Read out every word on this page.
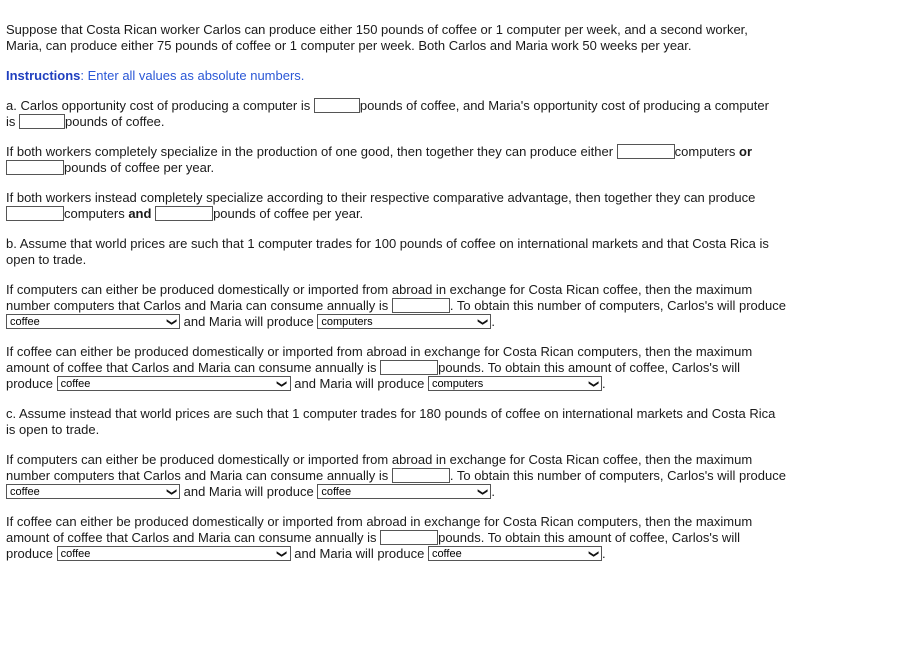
Suppose that Costa Rican worker Carlos can produce either 150 pounds of coffee or 1 computer per week, and a second worker,

Maria, can produce either 75 pounds of coffee or 1 computer per week. Both Carlos and Maria work 50 weeks per year.

Instructions: Enter all values as absolute numbers.

a. Carlos opportunity cost of producing a computer is	pounds of coffee, and Maria's opportunity cost of producing a computer

is	pounds of coffee.

If both workers completely specialize in the production of one good, then together they can produce either	computers or

pounds of coffee per year.

If both workers instead completely specialize according to their respective comparative advantage, then together they can produce

computers and	pounds of coffee per year.

b. Assume that world prices are such that 1 computer trades for 100 pounds of coffee on international markets and that Costa Rica is

open to trade.

If computers can either be produced domestically or imported from abroad in exchange for Costa Rican coffee, then the maximum

number computers that Carlos and Maria can consume annually is	. To obtain this number of computers, Carlos's will produce

coffee	❯ and Maria will produce computers	❯ .

If coffee can either be produced domestically or imported from abroad in exchange for Costa Rican computers, then the maximum

amount of coffee that Carlos and Maria can consume annually is	pounds. To obtain this amount of coffee, Carlos's will

produce coffee	❯ and Maria will produce computers	❯ .

c. Assume instead that world prices are such that 1 computer trades for 180 pounds of coffee on international markets and Costa Rica

is open to trade.

If computers can either be produced domestically or imported from abroad in exchange for Costa Rican coffee, then the maximum

number computers that Carlos and Maria can consume annually is	. To obtain this number of computers, Carlos's will produce

coffee	❯ and Maria will produce coffee	❯ .

If coffee can either be produced domestically or imported from abroad in exchange for Costa Rican computers, then the maximum

amount of coffee that Carlos and Maria can consume annually is	pounds. To obtain this amount of coffee, Carlos's will

produce coffee	❯ and Maria will produce coffee	❯ .
